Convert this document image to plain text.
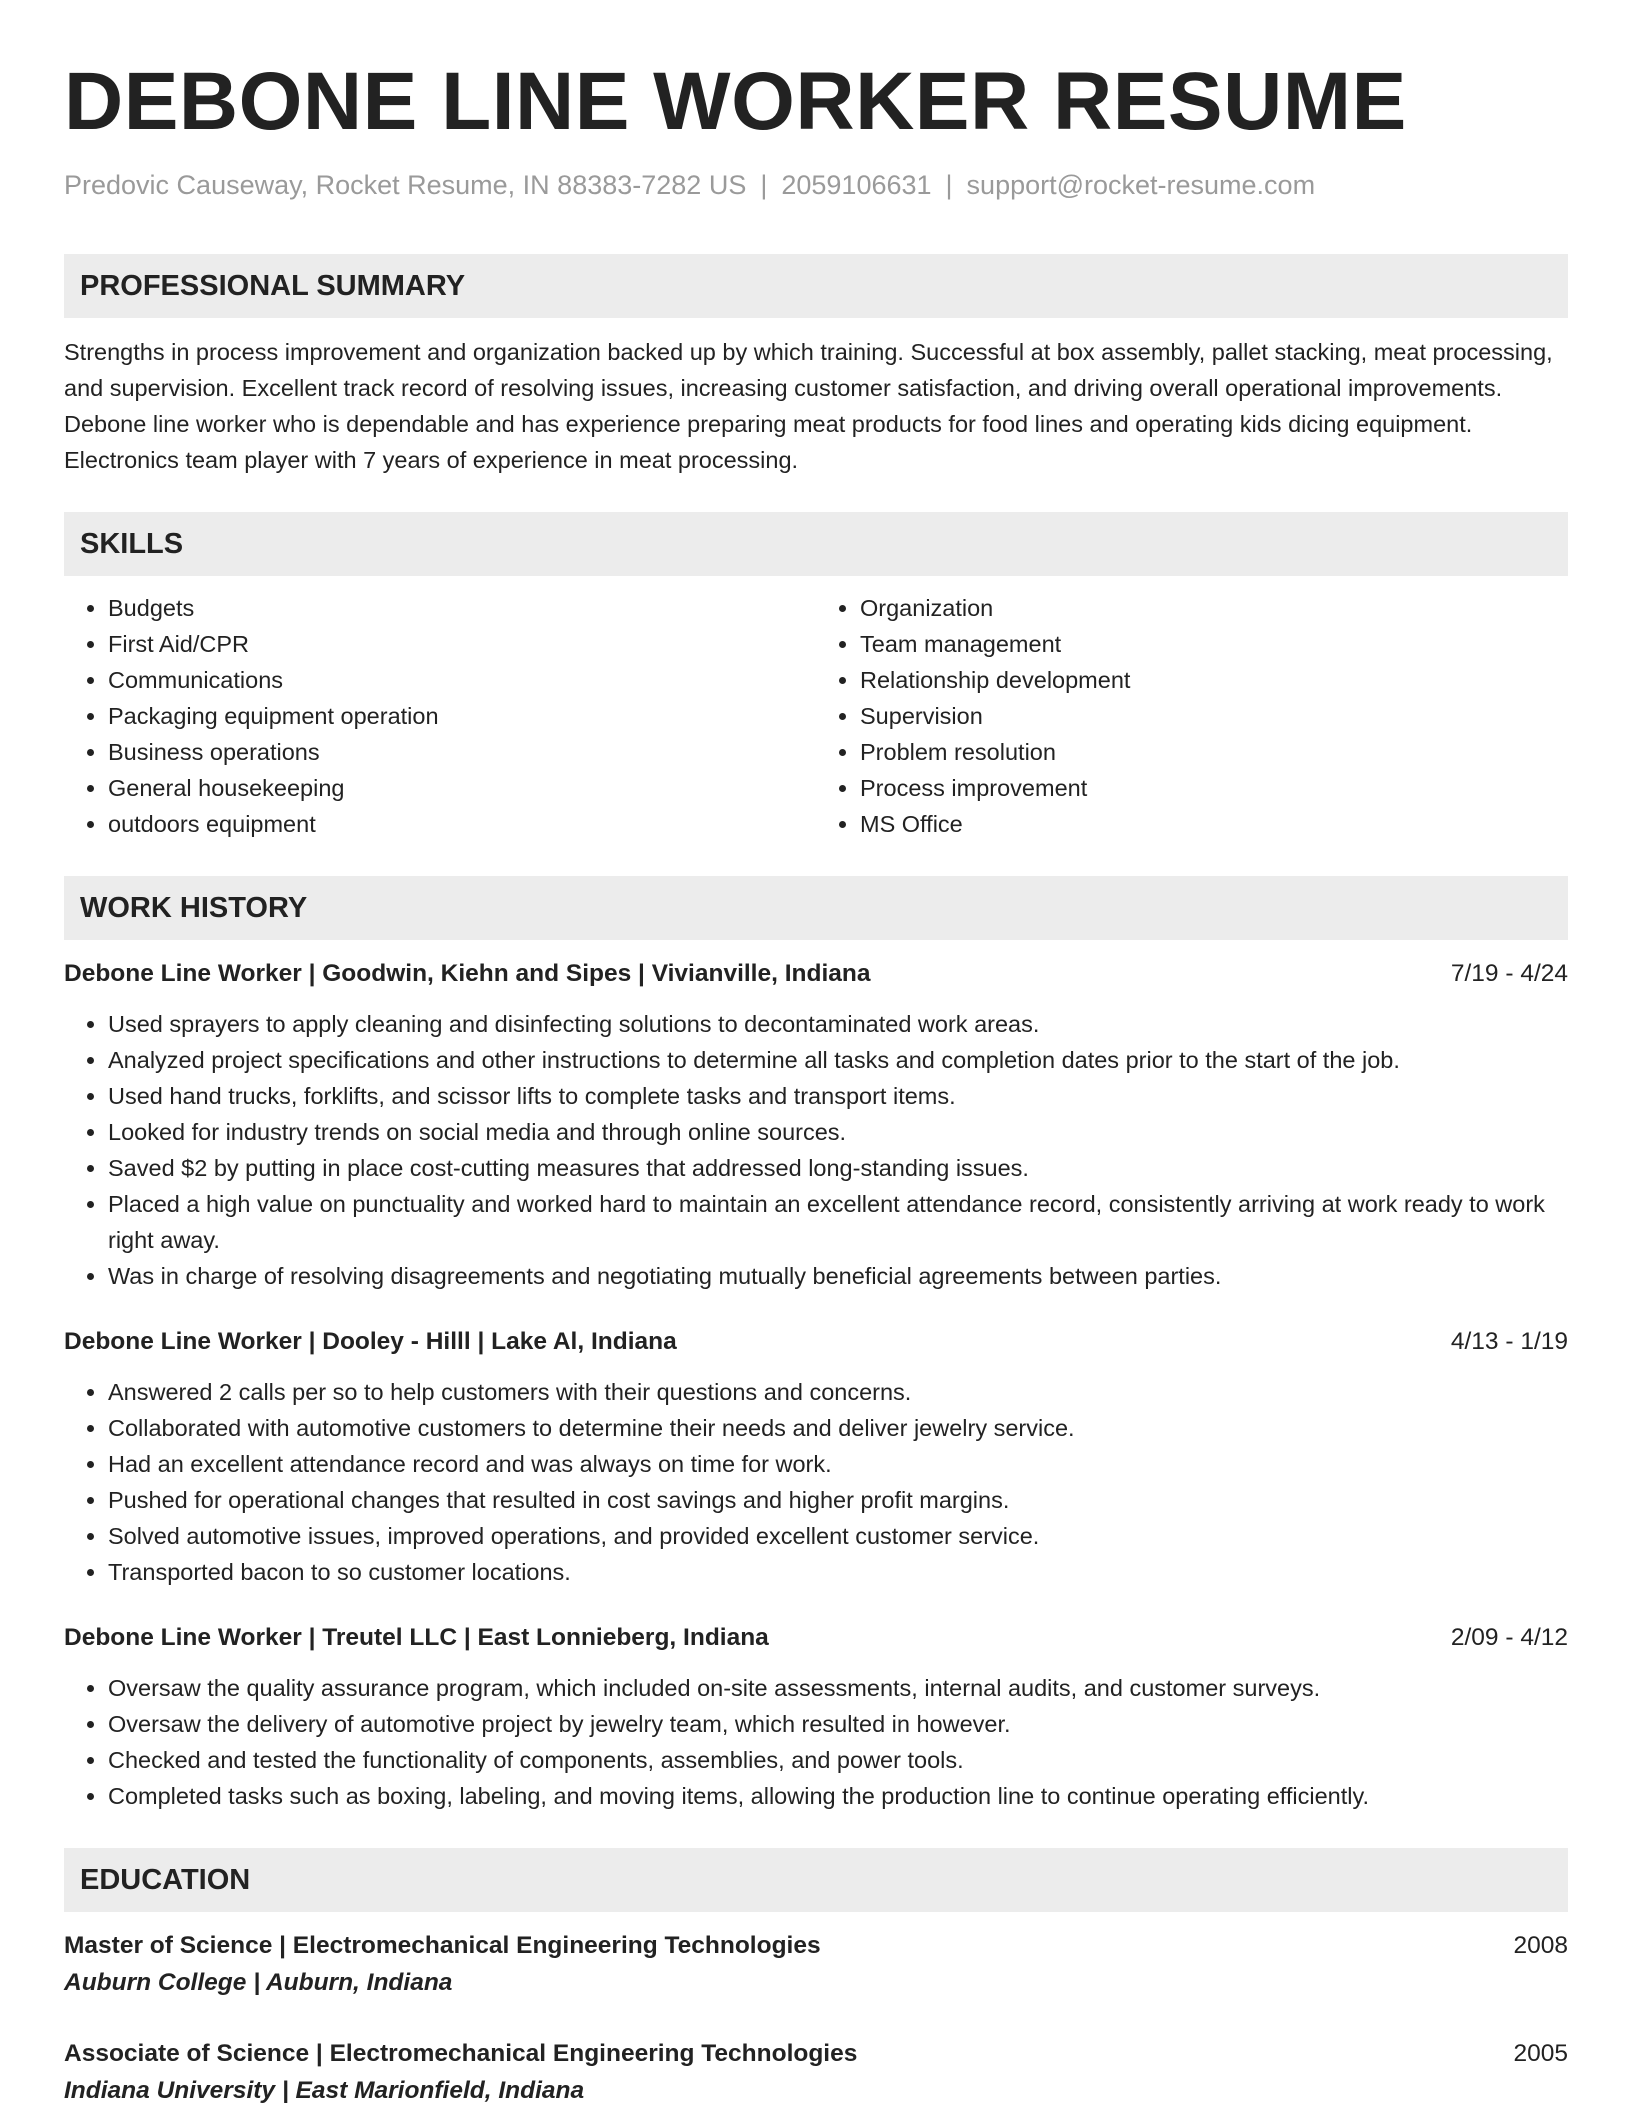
DEBONE LINE WORKER RESUME
Predovic Causeway, Rocket Resume, IN 88383-7282 US | 2059106631 | support@rocket-resume.com
PROFESSIONAL SUMMARY
Strengths in process improvement and organization backed up by which training. Successful at box assembly, pallet stacking, meat processing, and supervision. Excellent track record of resolving issues, increasing customer satisfaction, and driving overall operational improvements. Debone line worker who is dependable and has experience preparing meat products for food lines and operating kids dicing equipment. Electronics team player with 7 years of experience in meat processing.
SKILLS
• Budgets
• First Aid/CPR
• Communications
• Packaging equipment operation
• Business operations
• General housekeeping
• outdoors equipment
• Organization
• Team management
• Relationship development
• Supervision
• Problem resolution
• Process improvement
• MS Office
WORK HISTORY
Debone Line Worker | Goodwin, Kiehn and Sipes | Vivianville, Indiana	7/19 - 4/24
• Used sprayers to apply cleaning and disinfecting solutions to decontaminated work areas.
• Analyzed project specifications and other instructions to determine all tasks and completion dates prior to the start of the job.
• Used hand trucks, forklifts, and scissor lifts to complete tasks and transport items.
• Looked for industry trends on social media and through online sources.
• Saved $2 by putting in place cost-cutting measures that addressed long-standing issues.
• Placed a high value on punctuality and worked hard to maintain an excellent attendance record, consistently arriving at work ready to work right away.
• Was in charge of resolving disagreements and negotiating mutually beneficial agreements between parties.
Debone Line Worker | Dooley - Hilll | Lake Al, Indiana	4/13 - 1/19
• Answered 2 calls per so to help customers with their questions and concerns.
• Collaborated with automotive customers to determine their needs and deliver jewelry service.
• Had an excellent attendance record and was always on time for work.
• Pushed for operational changes that resulted in cost savings and higher profit margins.
• Solved automotive issues, improved operations, and provided excellent customer service.
• Transported bacon to so customer locations.
Debone Line Worker | Treutel LLC | East Lonnieberg, Indiana	2/09 - 4/12
• Oversaw the quality assurance program, which included on-site assessments, internal audits, and customer surveys.
• Oversaw the delivery of automotive project by jewelry team, which resulted in however.
• Checked and tested the functionality of components, assemblies, and power tools.
• Completed tasks such as boxing, labeling, and moving items, allowing the production line to continue operating efficiently.
EDUCATION
Master of Science | Electromechanical Engineering Technologies	2008
Auburn College | Auburn, Indiana
Associate of Science | Electromechanical Engineering Technologies	2005
Indiana University | East Marionfield, Indiana
